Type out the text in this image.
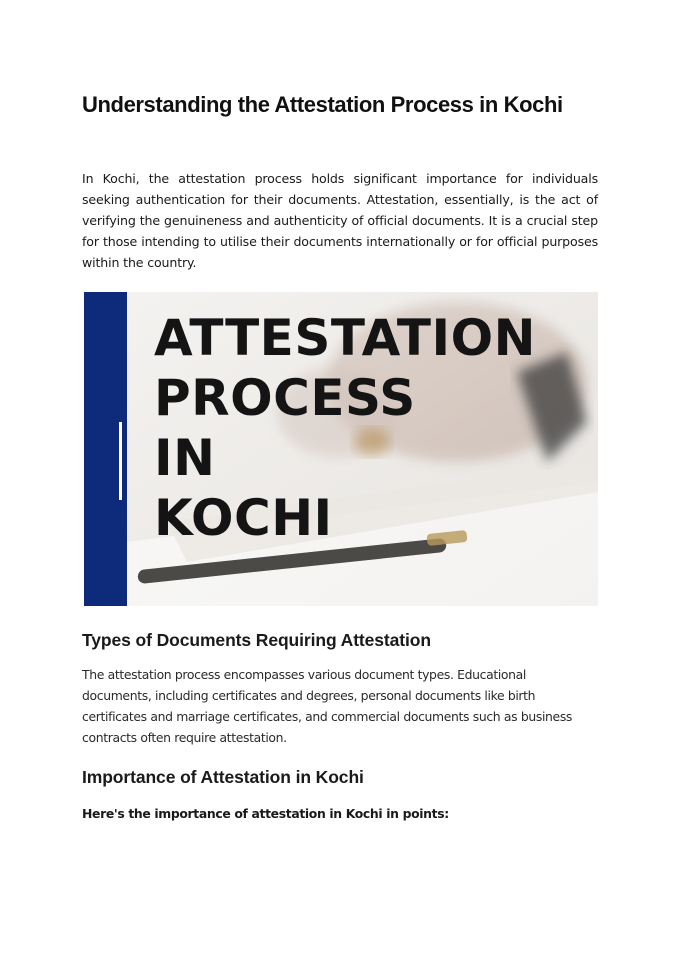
Understanding the Attestation Process in Kochi

In Kochi, the attestation process holds significant importance for individuals seeking authentication for their documents. Attestation, essentially, is the act of verifying the genuineness and authenticity of official documents. It is a crucial step for those intending to utilise their documents internationally or for official purposes within the country.

ATTESTATION
PROCESS
IN
KOCHI
Types of Documents Requiring Attestation

The attestation process encompasses various document types. Educational documents, including certificates and degrees, personal documents like birth certificates and marriage certificates, and commercial documents such as business contracts often require attestation.

Importance of Attestation in Kochi

Here's the importance of attestation in Kochi in points:
